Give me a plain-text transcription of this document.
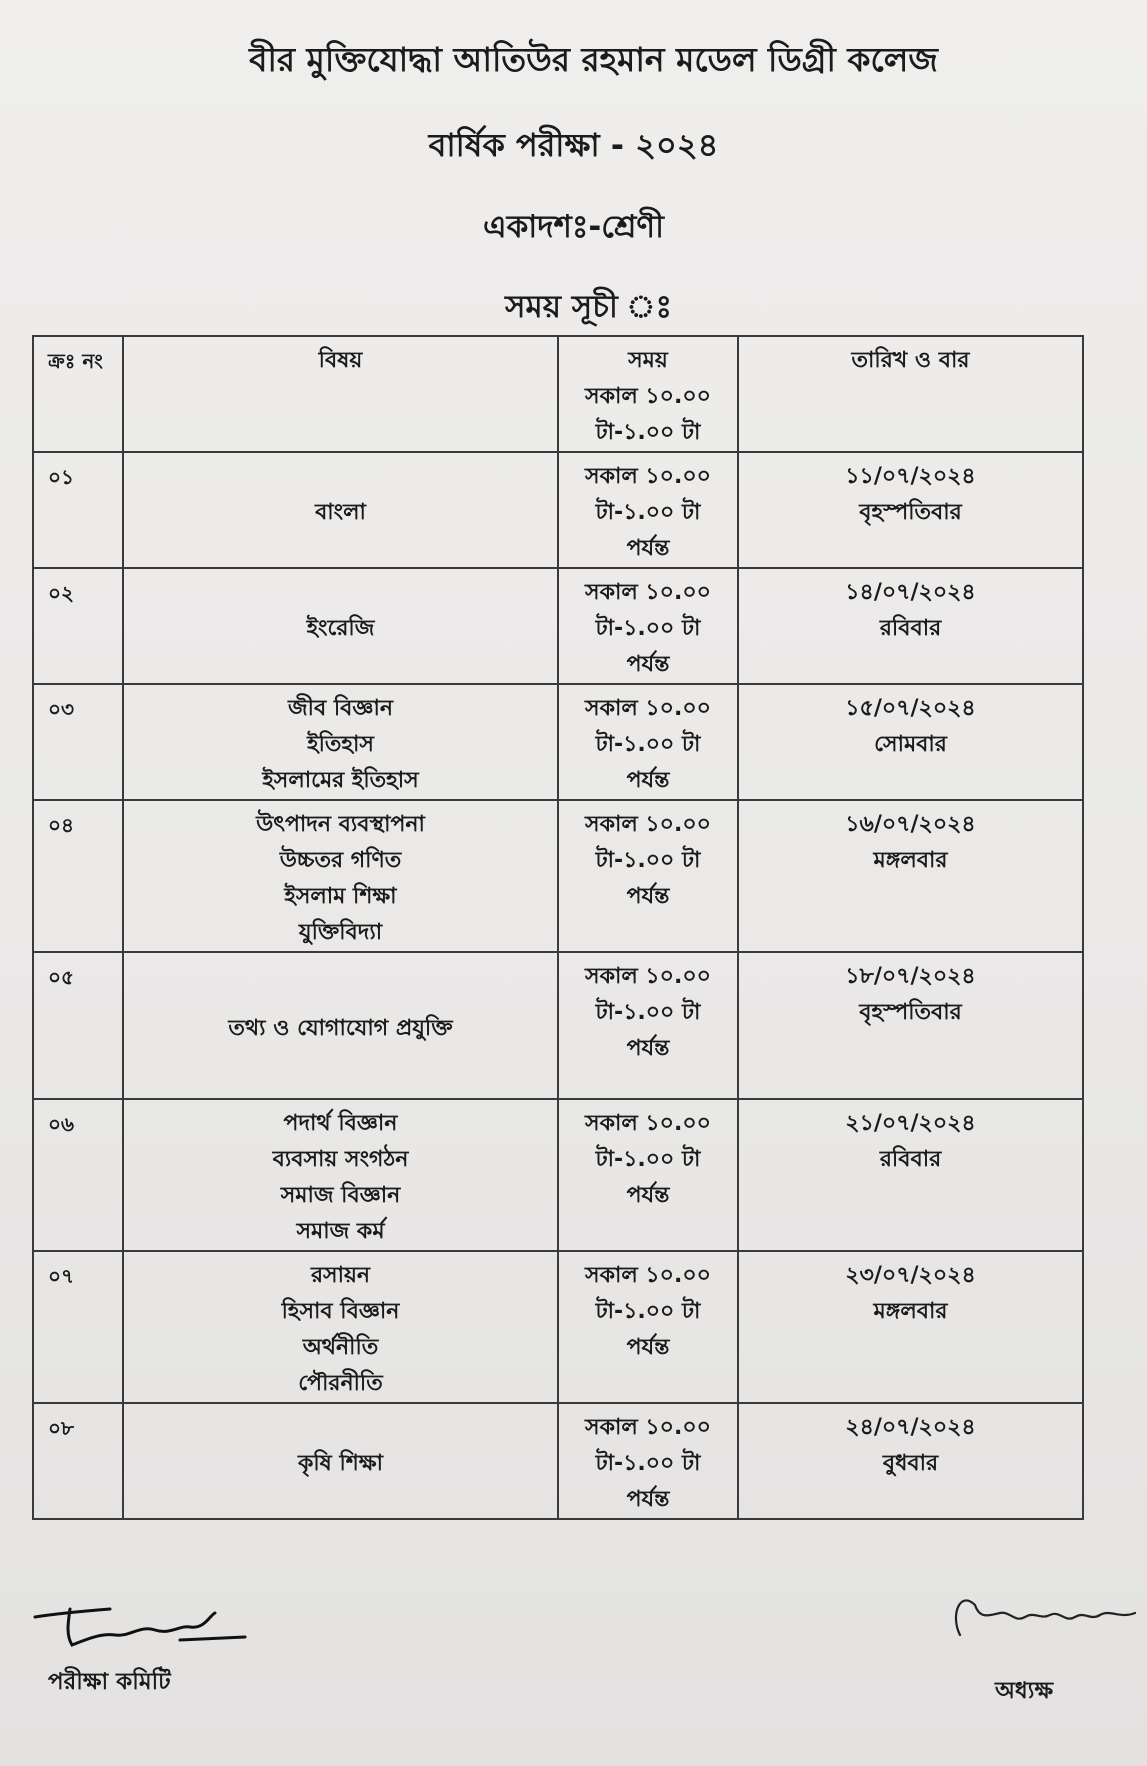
বীর মুক্তিযোদ্ধা আতিউর রহমান মডেল ডিগ্রী কলেজ
বার্ষিক পরীক্ষা - ২০২৪
একাদশঃ-শ্রেণী
সময় সূচী ঃ
ক্রঃ নং	বিষয়	সময়
সকাল ১০.০০
টা-১.০০ টা	তারিখ ও বার
০১	বাংলা	সকাল ১০.০০
টা-১.০০ টা
পর্যন্ত	১১/০৭/২০২৪
বৃহস্পতিবার

০২	ইংরেজি	সকাল ১০.০০
টা-১.০০ টা
পর্যন্ত	১৪/০৭/২০২৪
রবিবার

০৩	জীব বিজ্ঞান
ইতিহাস
ইসলামের ইতিহাস	সকাল ১০.০০
টা-১.০০ টা
পর্যন্ত	১৫/০৭/২০২৪
সোমবার

০৪	উৎপাদন ব্যবস্থাপনা
উচ্চতর গণিত
ইসলাম শিক্ষা
যুক্তিবিদ্যা	সকাল ১০.০০
টা-১.০০ টা
পর্যন্ত	১৬/০৭/২০২৪
মঙ্গলবার

০৫	তথ্য ও যোগাযোগ প্রযুক্তি	সকাল ১০.০০
টা-১.০০ টা
পর্যন্ত	১৮/০৭/২০২৪
বৃহস্পতিবার

০৬	পদার্থ বিজ্ঞান
ব্যবসায় সংগঠন
সমাজ বিজ্ঞান
সমাজ কর্ম	সকাল ১০.০০
টা-১.০০ টা
পর্যন্ত	২১/০৭/২০২৪
রবিবার

০৭	রসায়ন
হিসাব বিজ্ঞান
অর্থনীতি
পৌরনীতি	সকাল ১০.০০
টা-১.০০ টা
পর্যন্ত	২৩/০৭/২০২৪
মঙ্গলবার

০৮	কৃষি শিক্ষা	সকাল ১০.০০
টা-১.০০ টা
পর্যন্ত	২৪/০৭/২০২৪
বুধবার
পরীক্ষা কমিটি	অধ্যক্ষ
